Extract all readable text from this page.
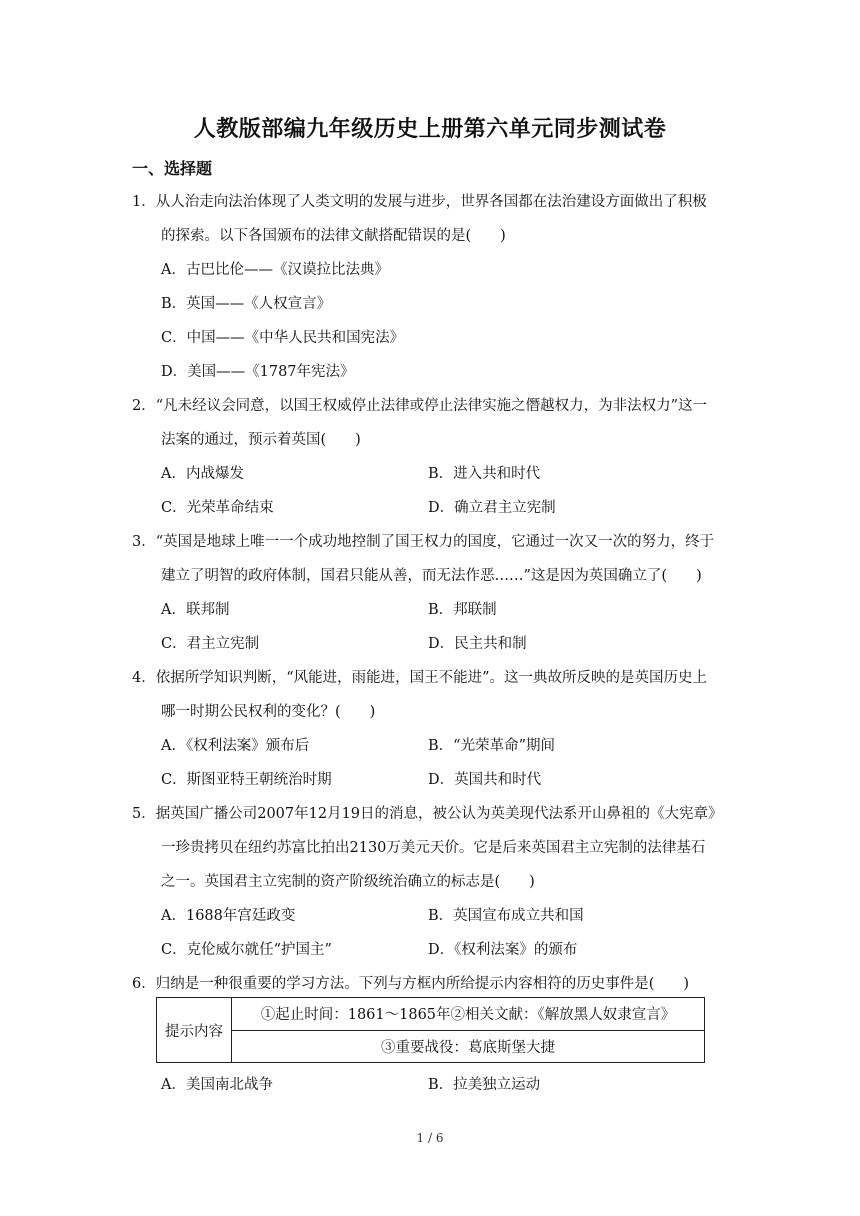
人教版部编九年级历史上册第六单元同步测试卷
一、选择题
1．从人治走向法治体现了人类文明的发展与进步，世界各国都在法治建设方面做出了积极
的探索。以下各国颁布的法律文献搭配错误的是(　　)
A．古巴比伦——《汉谟拉比法典》
B．英国——《人权宣言》
C．中国——《中华人民共和国宪法》
D．美国——《1787年宪法》
2．“凡未经议会同意，以国王权威停止法律或停止法律实施之僭越权力，为非法权力”这一
法案的通过，预示着英国(　　)
A．内战爆发	B．进入共和时代
C．光荣革命结束	D．确立君主立宪制
3．“英国是地球上唯一一个成功地控制了国王权力的国度，它通过一次又一次的努力，终于
建立了明智的政府体制，国君只能从善，而无法作恶……”这是因为英国确立了(　　)
A．联邦制	B．邦联制
C．君主立宪制	D．民主共和制
4．依据所学知识判断，“风能进，雨能进，国王不能进”。这一典故所反映的是英国历史上
哪一时期公民权利的变化？(　　)
A．《权利法案》颁布后	B．“光荣革命”期间
C．斯图亚特王朝统治时期	D．英国共和时代
5．据英国广播公司2007年12月19日的消息，被公认为英美现代法系开山鼻祖的《大宪章》
一珍贵拷贝在纽约苏富比拍出2130万美元天价。它是后来英国君主立宪制的法律基石
之一。英国君主立宪制的资产阶级统治确立的标志是(　　)
A．1688年宫廷政变	B．英国宣布成立共和国
C．克伦威尔就任“护国主”	D．《权利法案》的颁布
6．归纳是一种很重要的学习方法。下列与方框内所给提示内容相符的历史事件是(　　)
提示内容	①起止时间：1861～1865年②相关文献：《解放黑人奴隶宣言》
③重要战役：葛底斯堡大捷
A．美国南北战争	B．拉美独立运动
1 / 6
